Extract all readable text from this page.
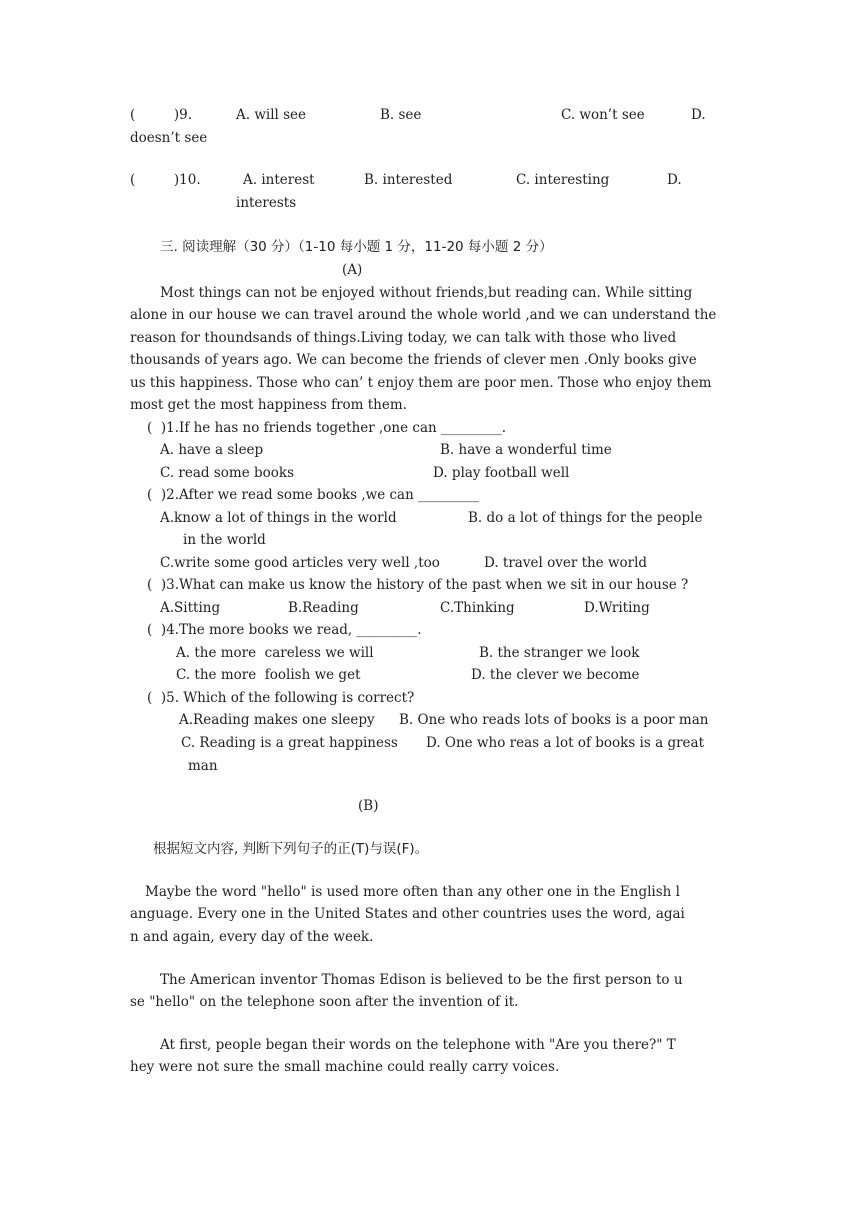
(         )9.	A. will see	B. see	C. won’t see	D.
doesn’t see
(         )10.	A. interest	B. interested	C. interesting	D.
interests
三. 阅读理解（30 分）（1-10 每小题 1 分，11-20 每小题 2 分）
(A)
Most things can not be enjoyed without friends,but reading can. While sitting
alone in our house we can travel around the whole world ,and we can understand the
reason for thoundsands of things.Living today, we can talk with those who lived
thousands of years ago. We can become the friends of clever men .Only books give
us this happiness. Those who can’ t enjoy them are poor men. Those who enjoy them
most get the most happiness from them.
(  )1.If he has no friends together ,one can _________.
A. have a sleep	B. have a wonderful time
C. read some books	D. play football well
(  )2.After we read some books ,we can _________
A.know a lot of things in the world	B. do a lot of things for the people
in the world
C.write some good articles very well ,too	D. travel over the world
(  )3.What can make us know the history of the past when we sit in our house ?
A.Sitting	B.Reading	C.Thinking	D.Writing
(  )4.The more books we read, _________.
A. the more  careless we will	B. the stranger we look
C. the more  foolish we get	D. the clever we become
(  )5. Which of the following is correct?
A.Reading makes one sleepy B. One who reads lots of books is a poor man
C. Reading is a great happiness D. One who reas a lot of books is a great
man
(B)
根据短文内容, 判断下列句子的正(T)与误(F)。
Maybe the word "hello" is used more often than any other one in the English l
anguage. Every one in the United States and other countries uses the word, agai
n and again, every day of the week.
The American inventor Thomas Edison is believed to be the first person to u
se "hello" on the telephone soon after the invention of it.
At first, people began their words on the telephone with "Are you there?" T
hey were not sure the small machine could really carry voices.
